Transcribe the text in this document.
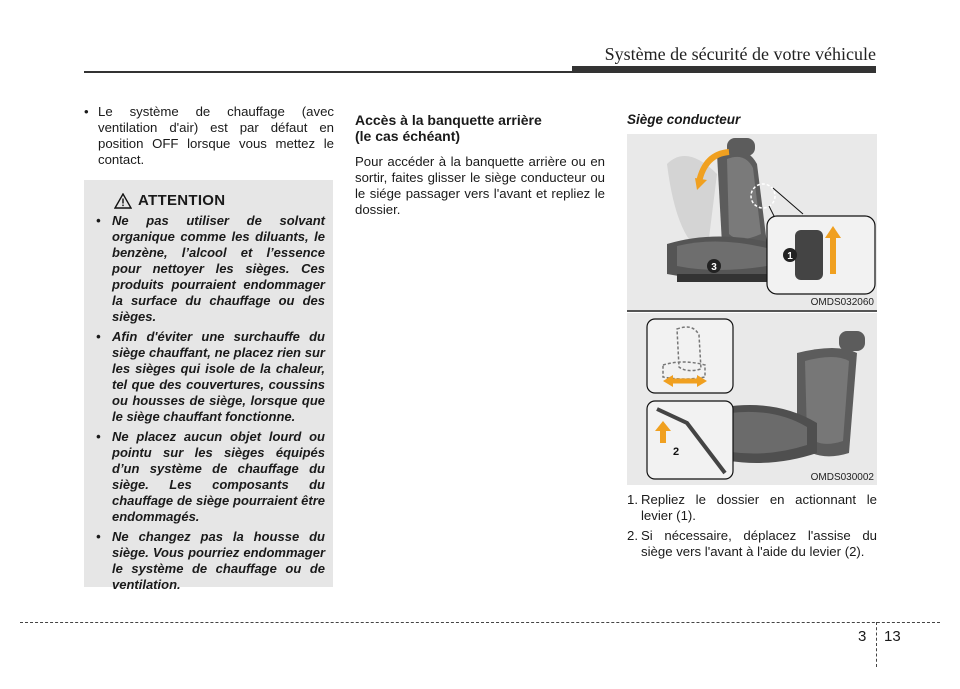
Système de sécurité de votre véhicule
• Le système de chauffage (avec ventilation d'air) est par défaut en position OFF lorsque vous mettez le contact.
ATTENTION
• Ne pas utiliser de solvant organique comme les diluants, le benzène, l’alcool et l’essence pour nettoyer les sièges. Ces produits pourraient endommager la surface du chauffage ou des sièges.
• Afin d'éviter une surchauffe du siège chauffant, ne placez rien sur les sièges qui isole de la chaleur, tel que des couvertures, coussins ou housses de siège, lorsque que le siège chauffant fonctionne.
• Ne placez aucun objet lourd ou pointu sur les sièges équipés d’un système de chauffage du siège. Les composants du chauffage de siège pourraient être endommagés.
• Ne changez pas la housse du siège. Vous pourriez endommager le système de chauffage ou de ventilation.
Accès à la banquette arrière
(le cas échéant)
Pour accéder à la banquette arrière ou en sortir, faites glisser le siège conducteur ou le siége passager vers l'avant et repliez le dossier.
Siège conducteur
1
3
OMDS032060
2
OMDS030002
1. Repliez le dossier en actionnant le levier (1).
2. Si nécessaire, déplacez l'assise du siège vers l'avant à l'aide du levier (2).
3 13
